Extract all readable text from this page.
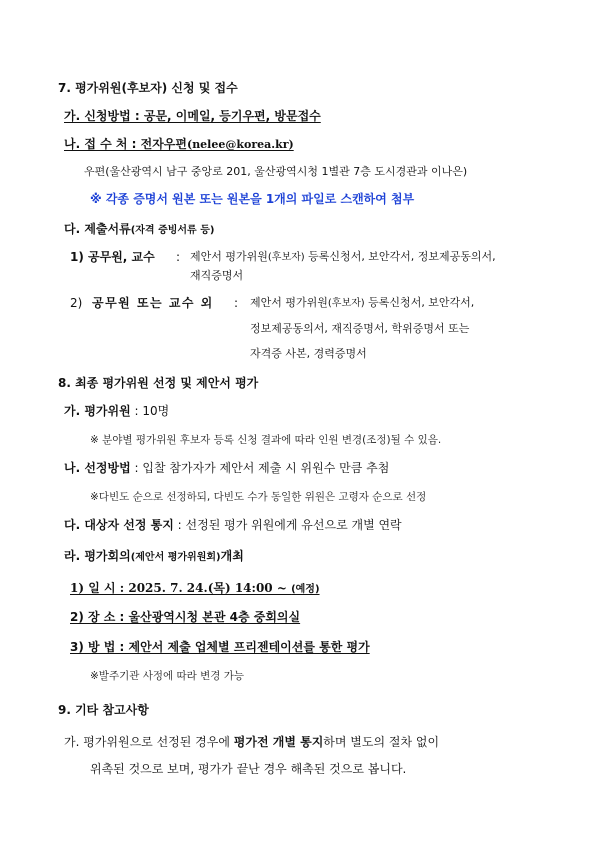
7. 평가위원(후보자) 신청 및 접수
가. 신청방법 : 공문, 이메일, 등기우편, 방문접수
나. 접 수 처 : 전자우편(nelee@korea.kr)
우편(울산광역시 남구 중앙로 201, 울산광역시청 1별관 7층 도시경관과 이나은)
※ 각종 증명서 원본 또는 원본을 1개의 파일로 스캔하여 첨부
다. 제출서류(자격 증빙서류 등)
1) 공무원, 교수 : 제안서 평가위원(후보자) 등록신청서, 보안각서, 정보제공동의서,
재직증명서
2) 공무원 또는 교수 외 : 제안서 평가위원(후보자) 등록신청서, 보안각서,
정보제공동의서, 재직증명서, 학위증명서 또는
자격증 사본, 경력증명서
8. 최종 평가위원 선정 및 제안서 평가
가. 평가위원 : 10명
※ 분야별 평가위원 후보자 등록 신청 결과에 따라 인원 변경(조정)될 수 있음.
나. 선정방법 : 입찰 참가자가 제안서 제출 시 위원수 만큼 추첨
※다빈도 순으로 선정하되, 다빈도 수가 동일한 위원은 고령자 순으로 선정
다. 대상자 선정 통지 : 선정된 평가 위원에게 유선으로 개별 연락
라. 평가회의(제안서 평가위원회)개최
1) 일 시 : 2025. 7. 24.(목) 14:00 ~ (예정)
2) 장 소 : 울산광역시청 본관 4층 중회의실
3) 방 법 : 제안서 제출 업체별 프리젠테이션를 통한 평가
※발주기관 사정에 따라 변경 가능
9. 기타 참고사항
가. 평가위원으로 선정된 경우에 평가전 개별 통지하며 별도의 절차 없이
위촉된 것으로 보며, 평가가 끝난 경우 해촉된 것으로 봅니다.
